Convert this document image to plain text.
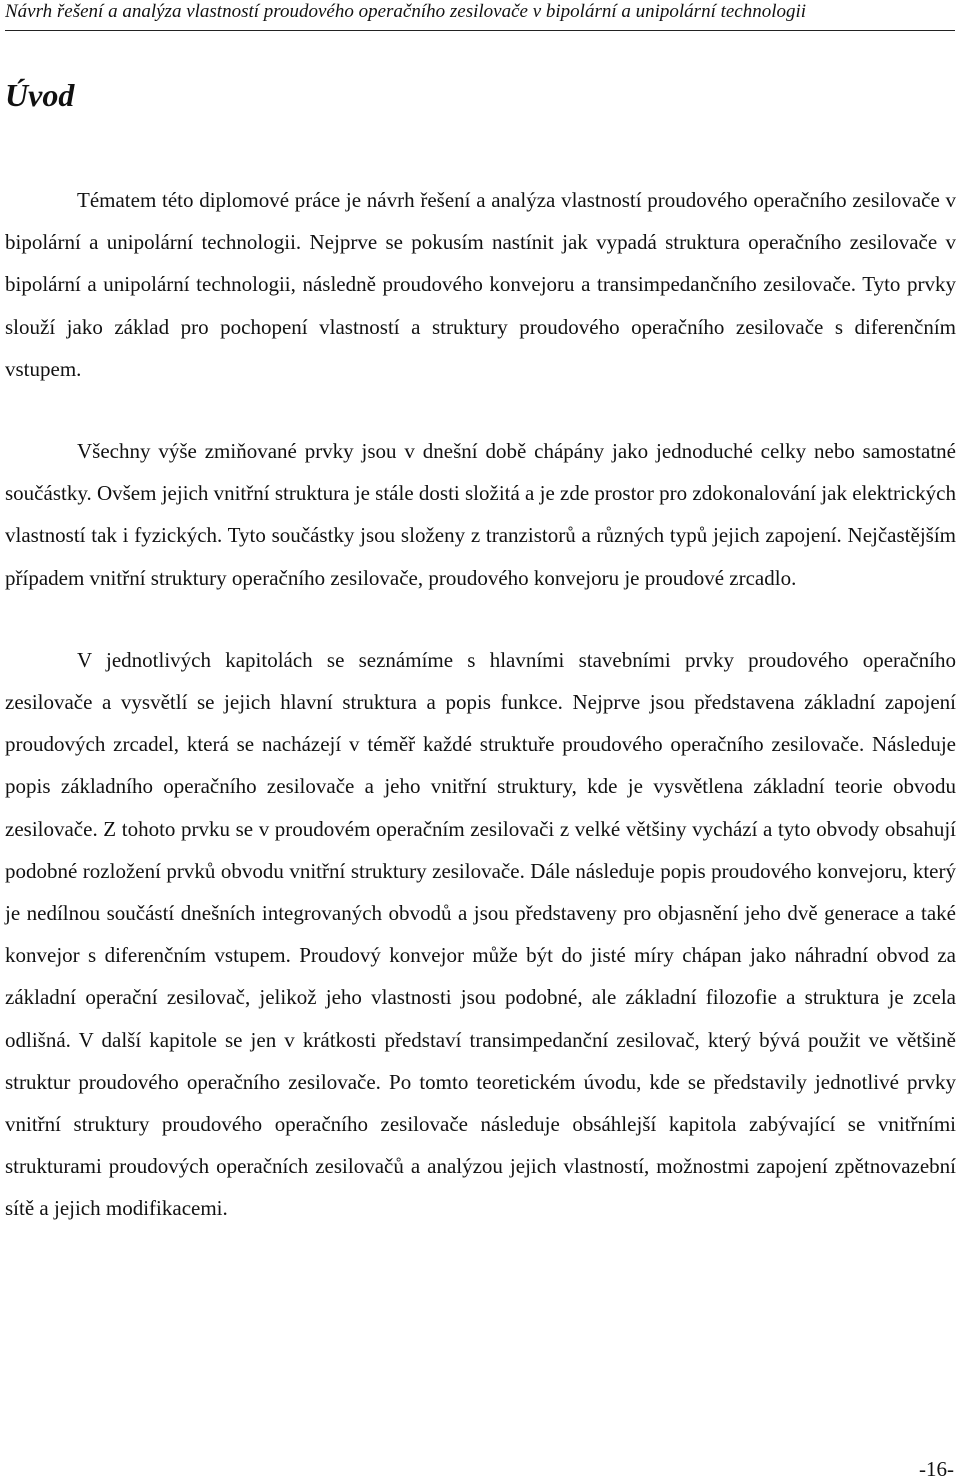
Návrh řešení a analýza vlastností proudového operačního zesilovače v bipolární a unipolární technologii
Úvod

Tématem této diplomové práce je návrh řešení a analýza vlastností proudového operačního zesilovače v bipolární a unipolární technologii. Nejprve se pokusím nastínit jak vypadá struktura operačního zesilovače v bipolární a unipolární technologii, následně proudového konvejoru a transimpedančního zesilovače. Tyto prvky slouží jako základ pro pochopení vlastností a struktury proudového operačního zesilovače s diferenčním vstupem.

Všechny výše zmiňované prvky jsou v dnešní době chápány jako jednoduché celky nebo samostatné součástky. Ovšem jejich vnitřní struktura je stále dosti složitá a je zde prostor pro zdokonalování jak elektrických vlastností tak i fyzických. Tyto součástky jsou složeny z tranzistorů a různých typů jejich zapojení. Nejčastějším případem vnitřní struktury operačního zesilovače, proudového konvejoru je proudové zrcadlo.

V jednotlivých kapitolách se seznámíme s hlavními stavebními prvky proudového operačního zesilovače a vysvětlí se jejich hlavní struktura a popis funkce. Nejprve jsou představena základní zapojení proudových zrcadel, která se nacházejí v téměř každé struktuře proudového operačního zesilovače. Následuje popis základního operačního zesilovače a jeho vnitřní struktury, kde je vysvětlena základní teorie obvodu zesilovače. Z tohoto prvku se v proudovém operačním zesilovači z velké většiny vychází a tyto obvody obsahují podobné rozložení prvků obvodu vnitřní struktury zesilovače. Dále následuje popis proudového konvejoru, který je nedílnou součástí dnešních integrovaných obvodů a jsou představeny pro objasnění jeho dvě generace a také konvejor s diferenčním vstupem. Proudový konvejor může být do jisté míry chápan jako náhradní obvod za základní operační zesilovač, jelikož jeho vlastnosti jsou podobné, ale základní filozofie a struktura je zcela odlišná. V další kapitole se jen v krátkosti představí transimpedanční zesilovač, který bývá použit ve většině struktur proudového operačního zesilovače. Po tomto teoretickém úvodu, kde se představily jednotlivé prvky vnitřní struktury proudového operačního zesilovače následuje obsáhlejší kapitola zabývající se vnitřními strukturami proudových operačních zesilovačů a analýzou jejich vlastností, možnostmi zapojení zpětnovazební sítě a jejich modifikacemi.

-16-
